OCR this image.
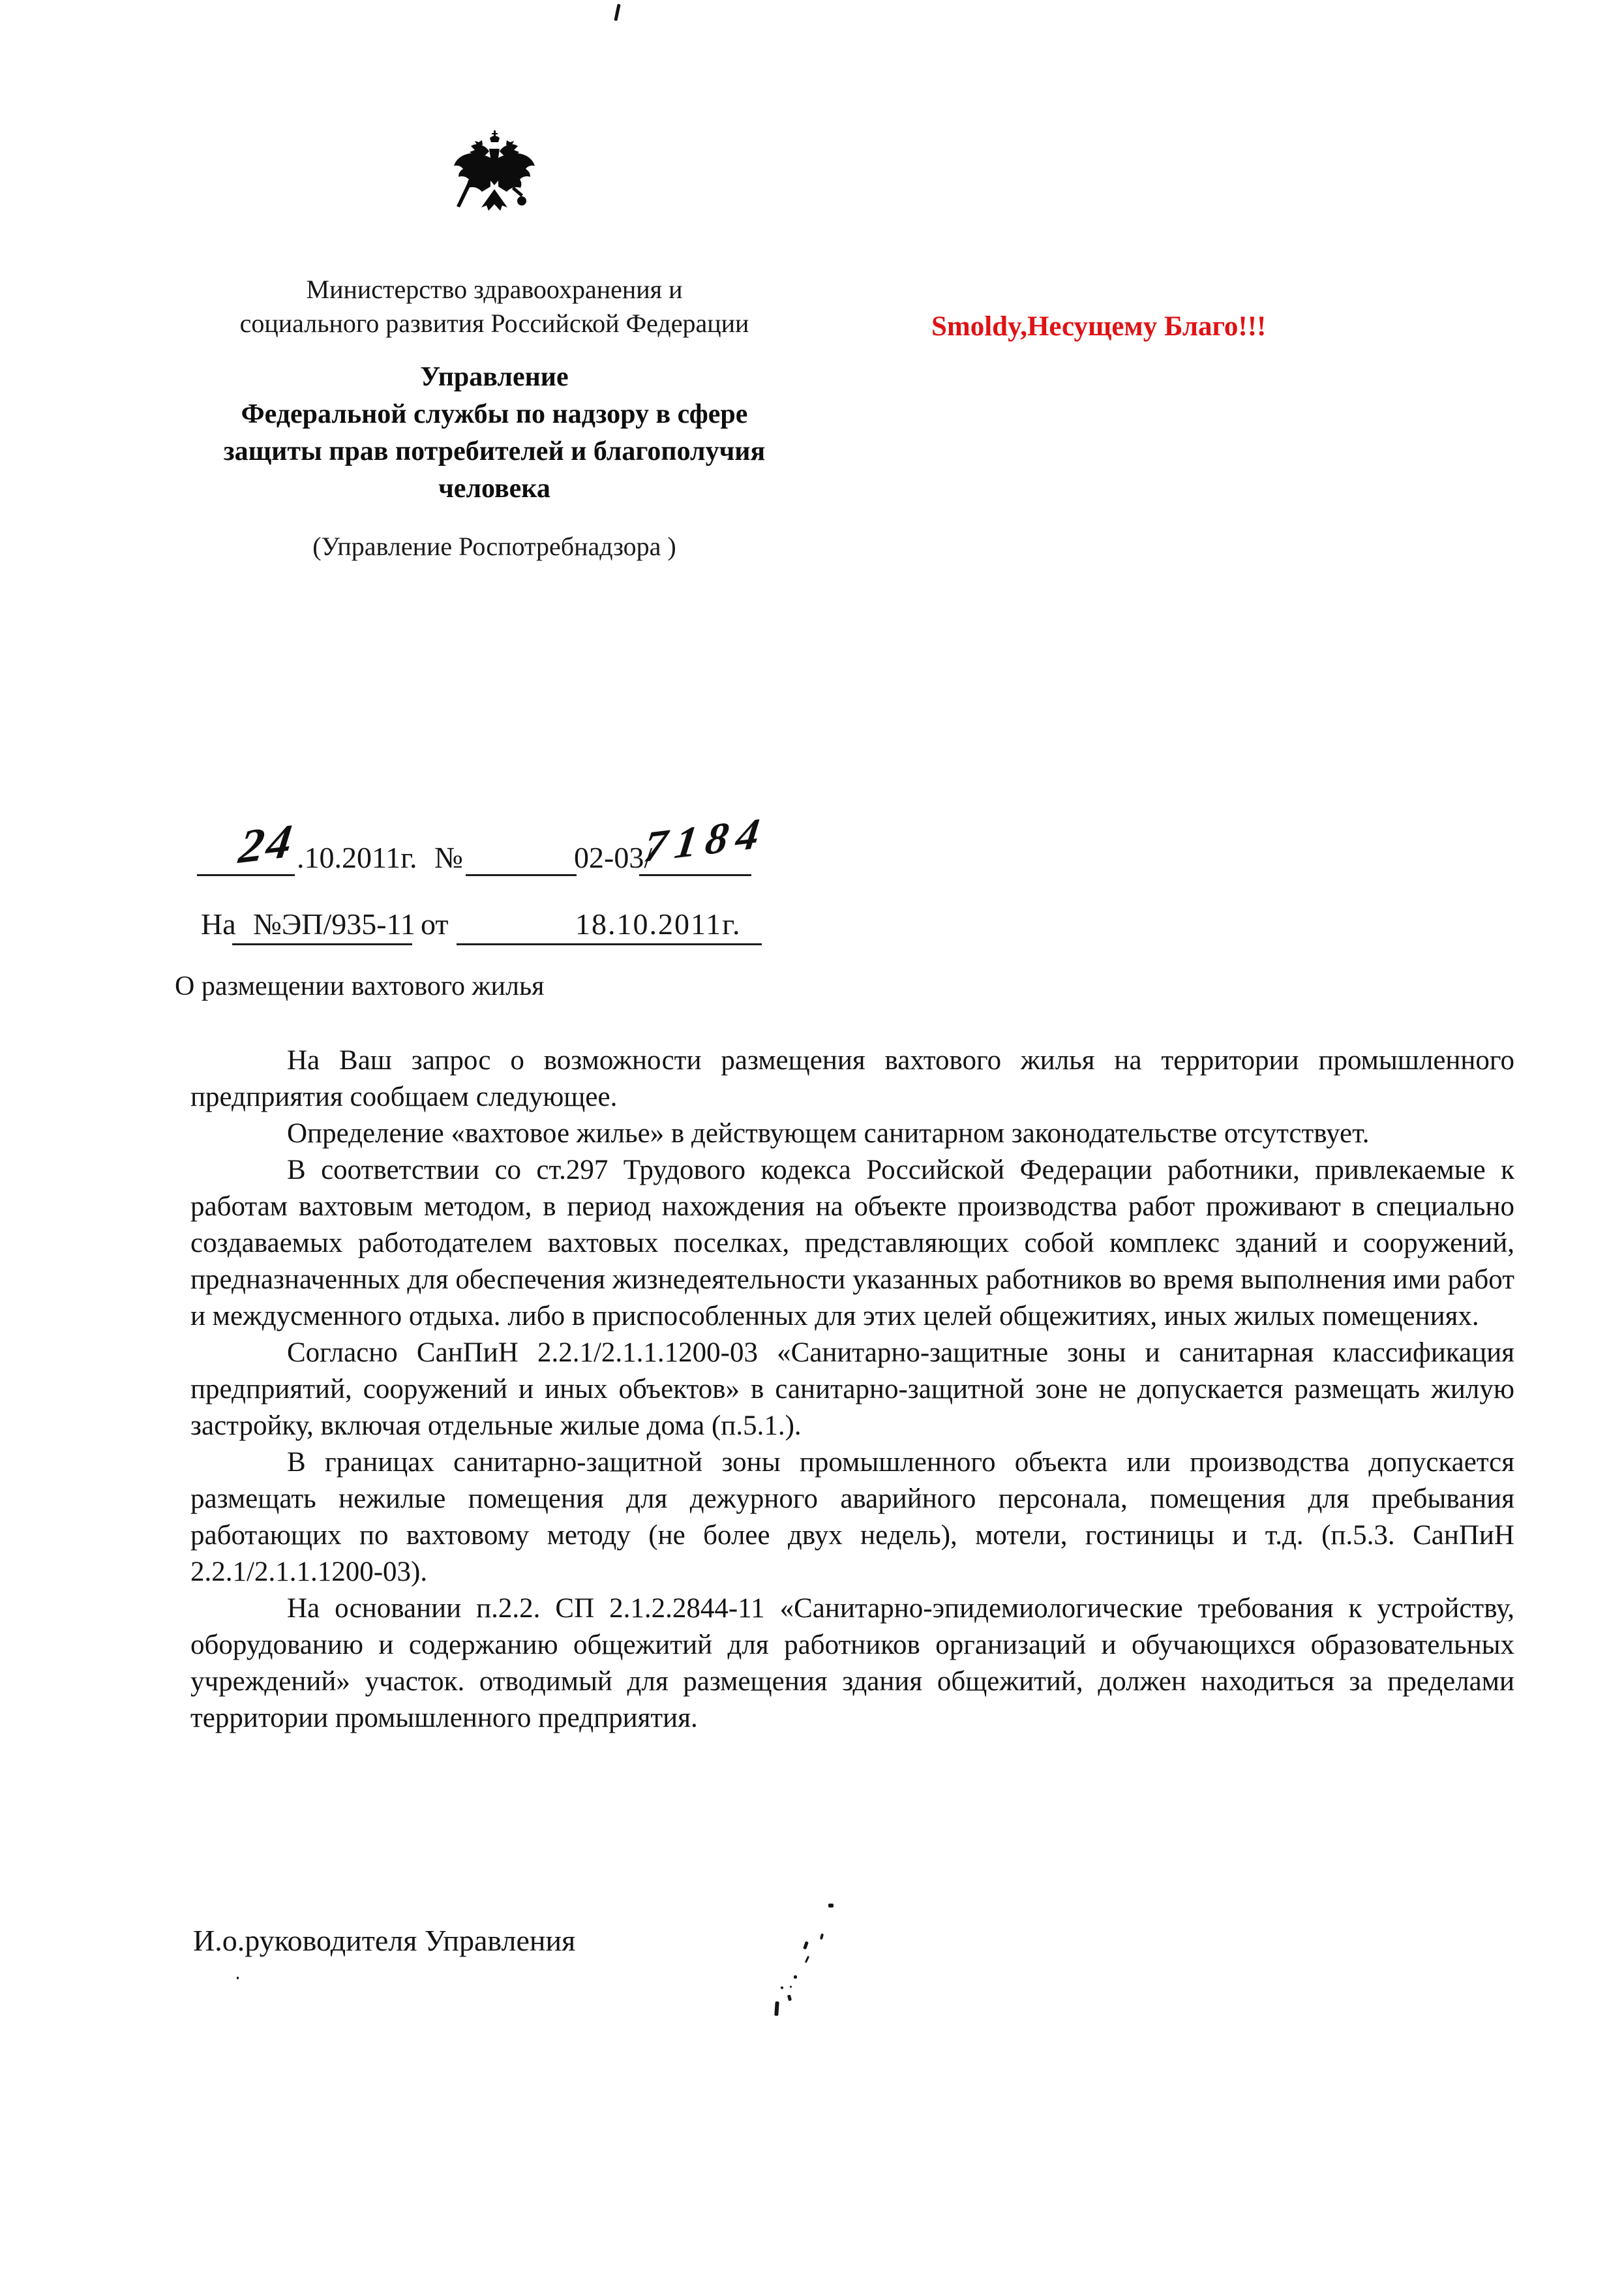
Министерство здравоохранения и
социального развития Российской Федерации
Управление
Федеральной службы по надзору в сфере
защиты прав потребителей и благополучия
человека
(Управление Роспотребнадзора )
Smoldy,Несущему Благо!!!
24
.10.2011г. №	02-03/
7184
На №ЭП/935-11 от	18.10.2011г.
О размещении вахтового жилья

На Ваш запрос о возможности размещения вахтового жилья на территории промышленного предприятия сообщаем следующее.

Определение «вахтовое жилье» в действующем санитарном законодательстве отсутствует.

В соответствии со ст.297 Трудового кодекса Российской Федерации работники, привлекаемые к работам вахтовым методом, в период нахождения на объекте производства работ проживают в специально создаваемых работодателем вахтовых поселках, представляющих собой комплекс зданий и сооружений, предназначенных для обеспечения жизнедеятельности указанных работников во время выполнения ими работ и междусменного отдыха. либо в приспособленных для этих целей общежитиях, иных жилых помещениях.

Согласно СанПиН 2.2.1/2.1.1.1200-03 «Санитарно-защитные зоны и санитарная классификация предприятий, сооружений и иных объектов» в санитарно-защитной зоне не допускается размещать жилую застройку, включая отдельные жилые дома (п.5.1.).

В границах санитарно-защитной зоны промышленного объекта или производства допускается размещать нежилые помещения для дежурного аварийного персонала, помещения для пребывания работающих по вахтовому методу (не более двух недель), мотели, гостиницы и т.д. (п.5.3. СанПиН 2.2.1/2.1.1.1200-03).

На основании п.2.2. СП 2.1.2.2844-11 «Санитарно-эпидемиологические требования к устройству, оборудованию и содержанию общежитий для работников организаций и обучающихся образовательных учреждений» участок. отводимый для размещения здания общежитий, должен находиться за пределами территории промышленного предприятия.

И.о.руководителя Управления
